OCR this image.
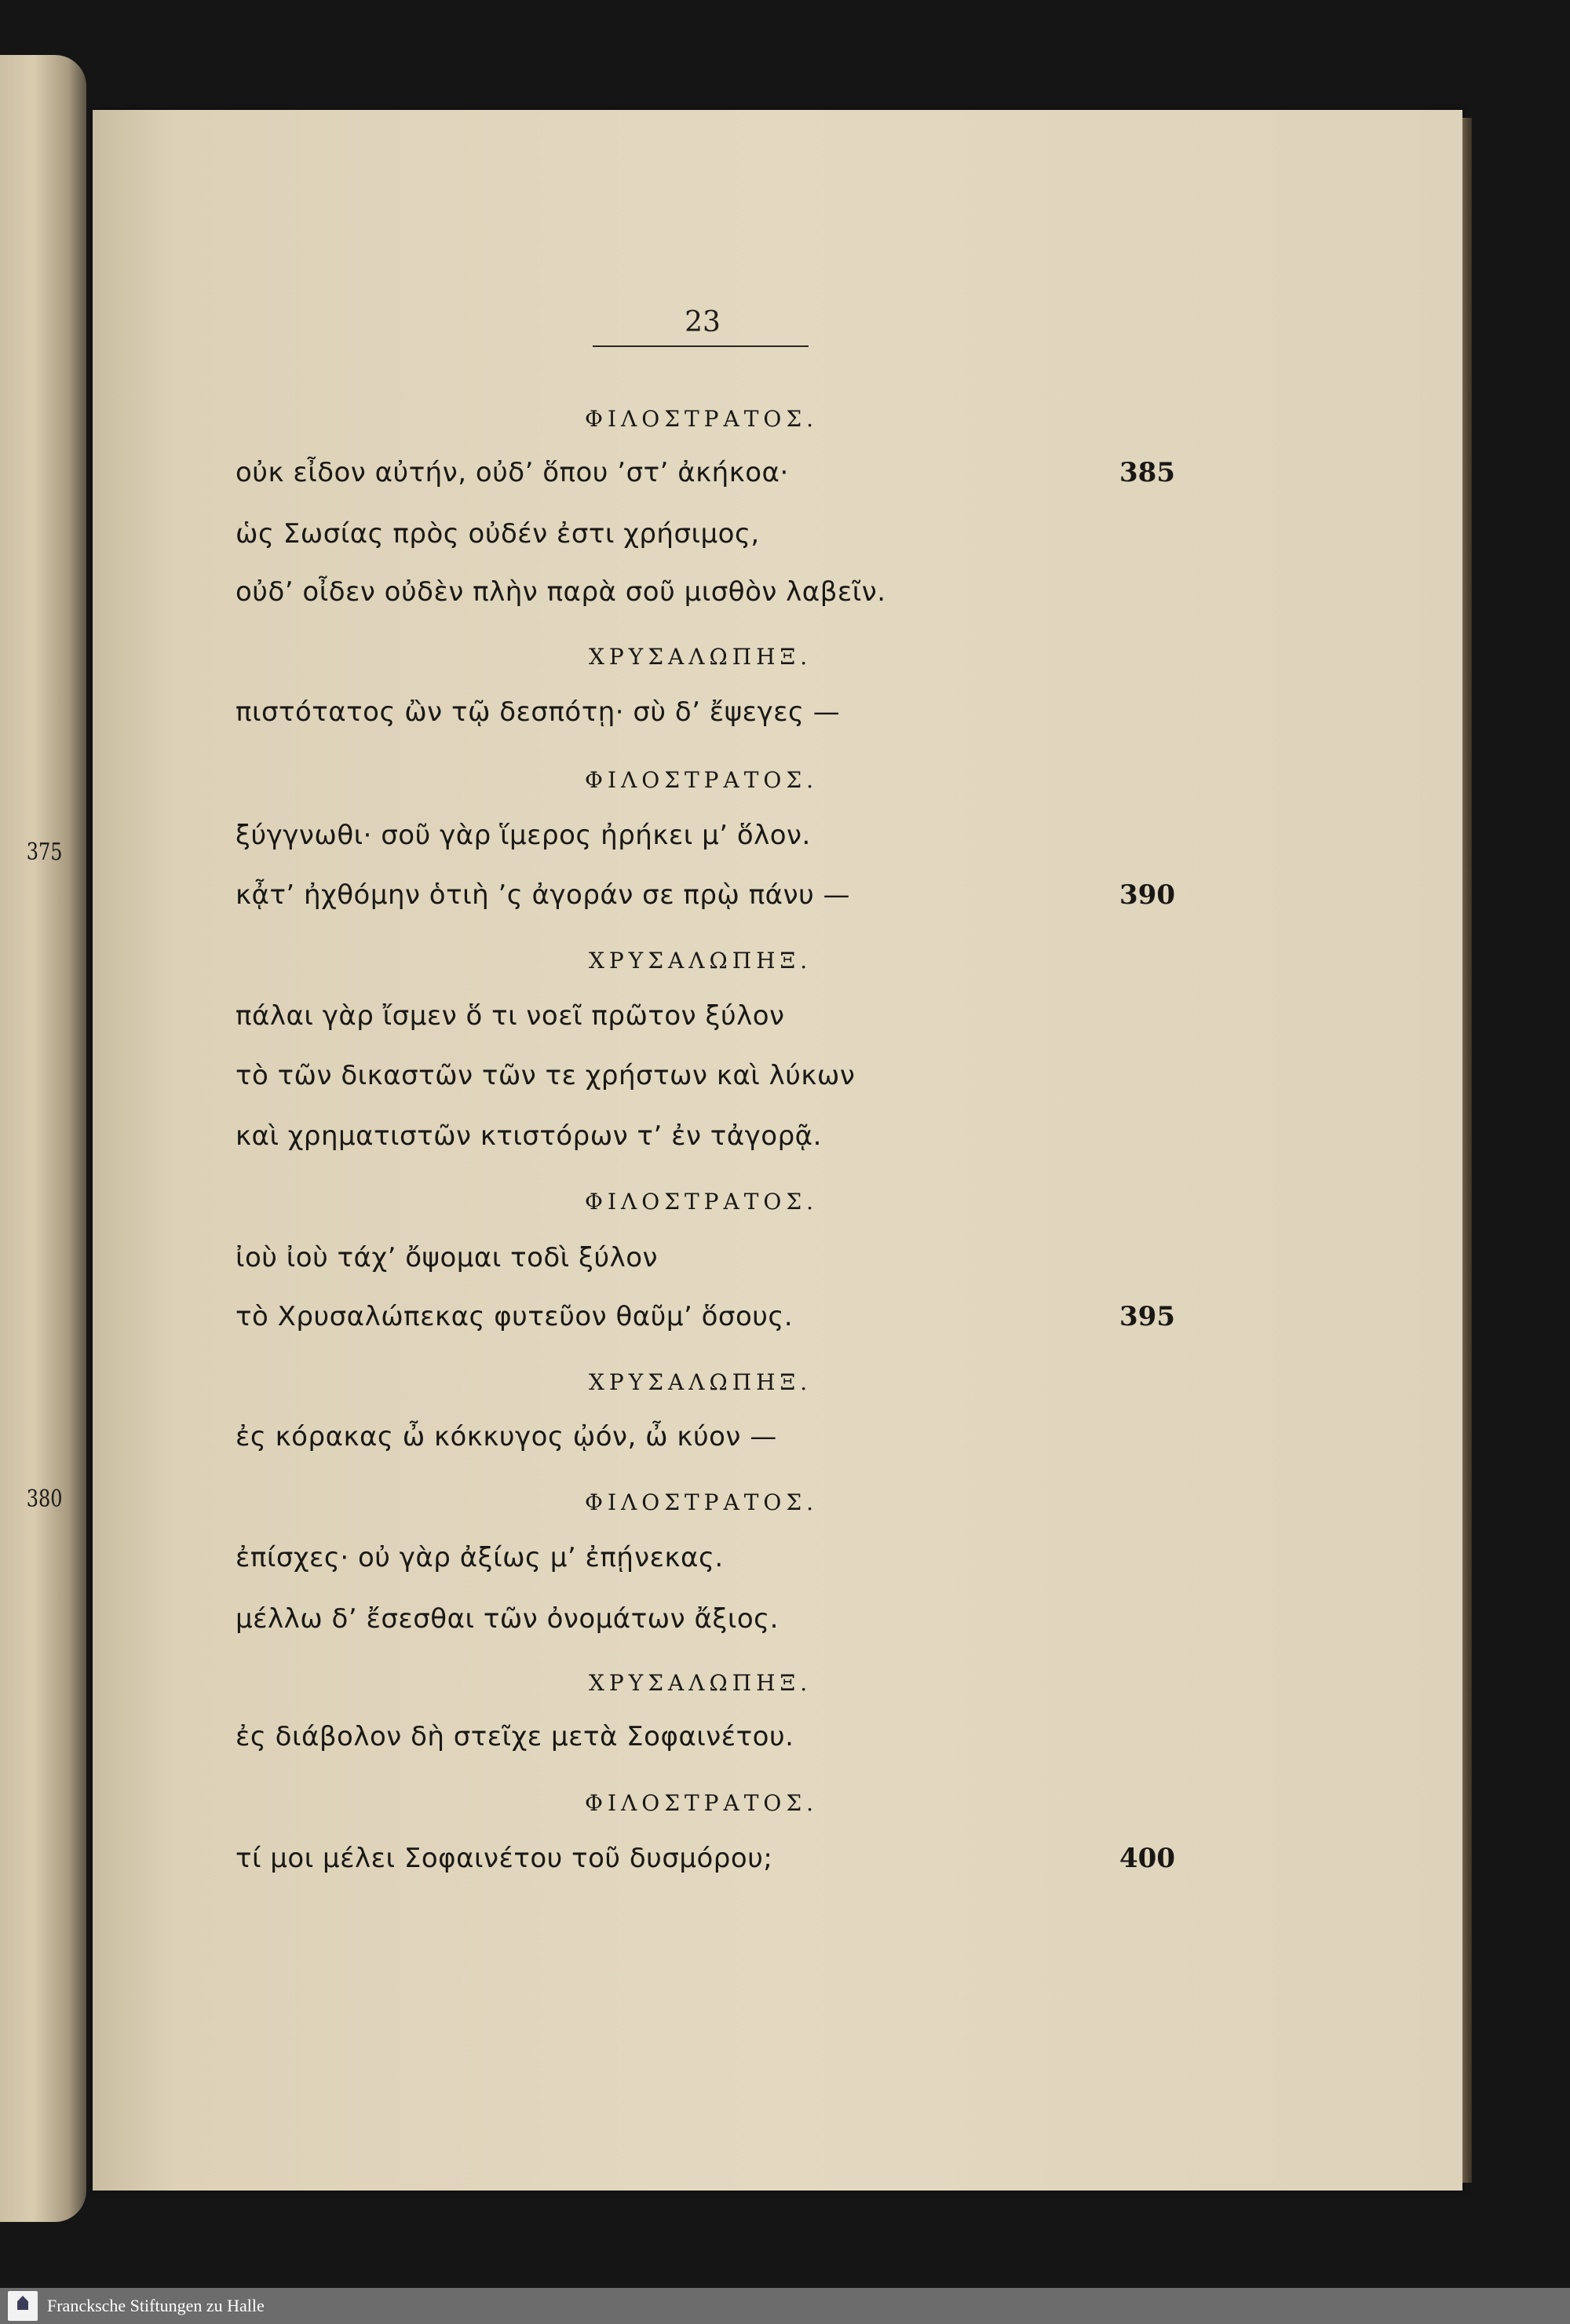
375
380
23
ΦΙΛΟΣΤΡΑΤΟΣ.
οὐκ εἶδον αὐτήν, οὐδ’ ὅπου ’στ’ ἀκήκοα·	385
ὡς Σωσίας πρὸς οὐδέν ἐστι χρήσιμος,
οὐδ’ οἶδεν οὐδὲν πλὴν παρὰ σοῦ μισθὸν λαβεῖν.
ΧΡΥΣΑΛΩΠΗΞ.
πιστότατος ὢν τῷ δεσπότῃ· σὺ δ’ ἔψεγες —
ΦΙΛΟΣΤΡΑΤΟΣ.
ξύγγνωθι· σοῦ γὰρ ἵμερος ἠρήκει μ’ ὅλον.
κᾆτ’ ἠχθόμην ὁτιὴ ’ς ἀγοράν σε πρῲ πάνυ —	390
ΧΡΥΣΑΛΩΠΗΞ.
πάλαι γὰρ ἴσμεν ὅ τι νοεῖ πρῶτον ξύλον
τὸ τῶν δικαστῶν τῶν τε χρήστων καὶ λύκων
καὶ χρηματιστῶν κτιστόρων τ’ ἐν τἀγορᾷ.
ΦΙΛΟΣΤΡΑΤΟΣ.
ἰοὺ ἰοὺ τάχ’ ὄψομαι τοδὶ ξύλον
τὸ Χρυσαλώπεκας φυτεῦον θαῦμ’ ὅσους.	395
ΧΡΥΣΑΛΩΠΗΞ.
ἐς κόρακας ὦ κόκκυγος ᾠόν, ὦ κύον —
ΦΙΛΟΣΤΡΑΤΟΣ.
ἐπίσχες· οὐ γὰρ ἀξίως μ’ ἐπῄνεκας.
μέλλω δ’ ἔσεσθαι τῶν ὀνομάτων ἄξιος.
ΧΡΥΣΑΛΩΠΗΞ.
ἐς διάβολον δὴ στεῖχε μετὰ Σοφαινέτου.
ΦΙΛΟΣΤΡΑΤΟΣ.
τί μοι μέλει Σοφαινέτου τοῦ δυσμόρου;	400
Francksche Stiftungen zu Halle
